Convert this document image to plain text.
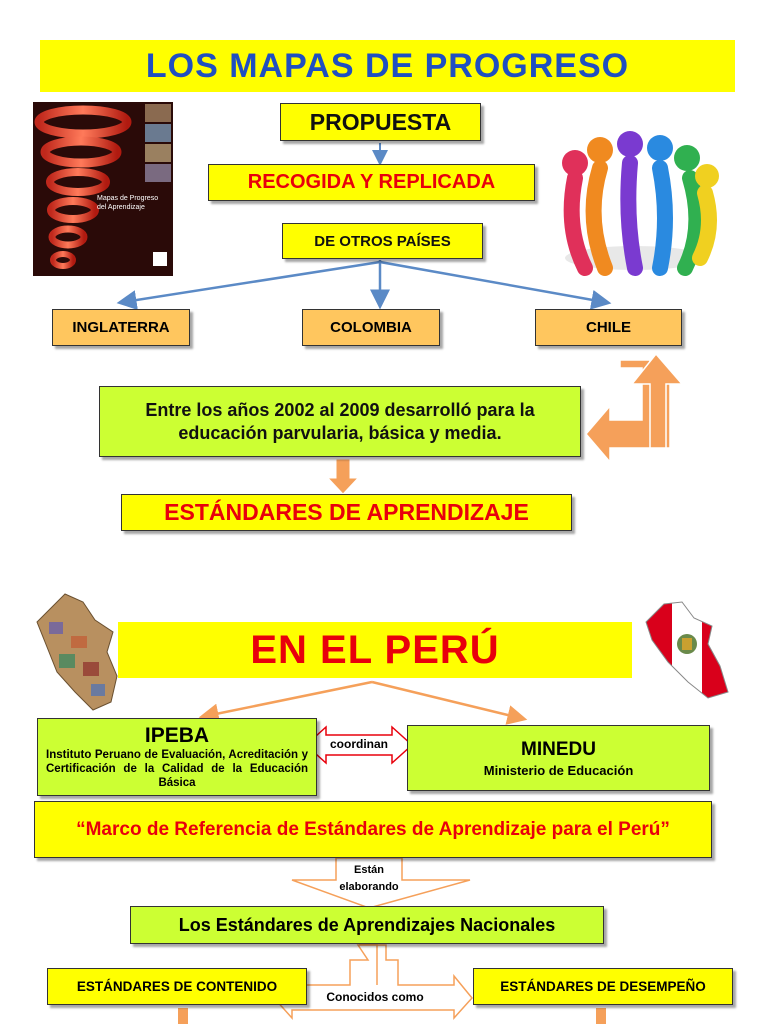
LOS MAPAS DE PROGRESO
Mapas de Progreso del Aprendizaje
PROPUESTA
RECOGIDA Y REPLICADA
DE OTROS PAÍSES
INGLATERRA	COLOMBIA	CHILE
Entre los años 2002 al 2009 desarrolló para la educación parvularia, básica y media.
ESTÁNDARES DE APRENDIZAJE
EN EL PERÚ
IPEBA
Instituto Peruano de Evaluación, Acreditación y Certificación de la Calidad de la Educación Básica
coordinan	MINEDU
Ministerio de Educación
“Marco de Referencia de Estándares de Aprendizaje para el Perú”
Están elaborando
Los Estándares de Aprendizajes Nacionales
ESTÁNDARES DE CONTENIDO
Conocidos como
ESTÁNDARES DE DESEMPEÑO
